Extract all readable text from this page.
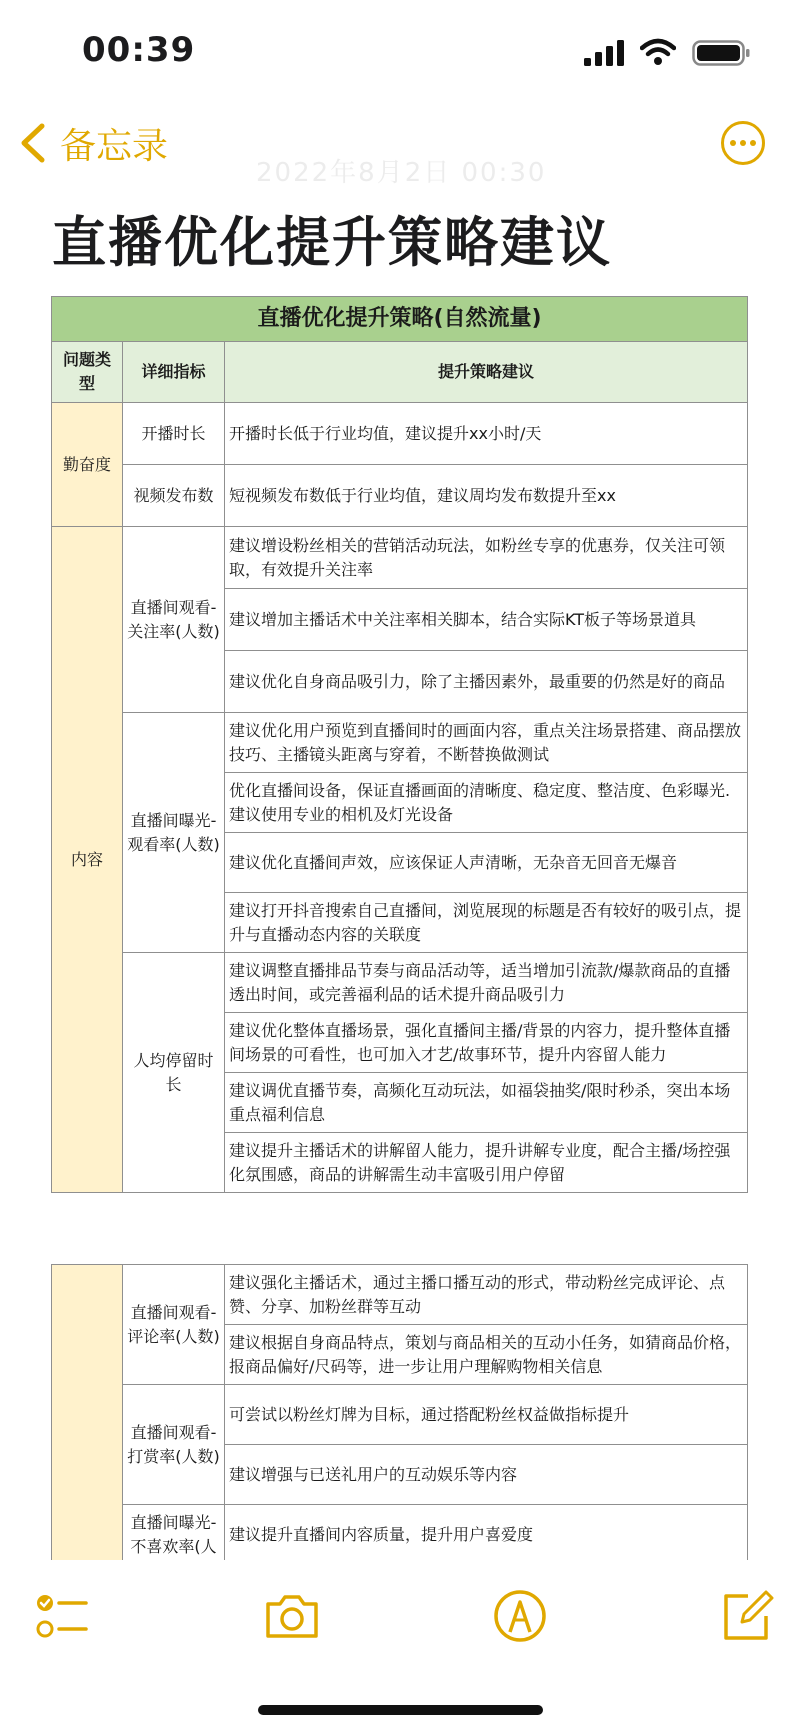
00:39
备忘录
2022年8月2日 00:30
直播优化提升策略建议
直播优化提升策略(自然流量)		
问题类型	详细指标	提升策略建议
勤奋度	开播时长	开播时长低于行业均值，建议提升xx小时/天
	视频发布数	短视频发布数低于行业均值，建议周均发布数提升至xx
内容	直播间观看-关注率(人数)	建议增设粉丝相关的营销活动玩法，如粉丝专享的优惠券，仅关注可领取，有效提升关注率
		建议增加主播话术中关注率相关脚本，结合实际KT板子等场景道具
		建议优化自身商品吸引力，除了主播因素外，最重要的仍然是好的商品
	直播间曝光-观看率(人数)	建议优化用户预览到直播间时的画面内容，重点关注场景搭建、商品摆放技巧、主播镜头距离与穿着，不断替换做测试
		优化直播间设备，保证直播画面的清晰度、稳定度、整洁度、色彩曝光.建议使用专业的相机及灯光设备
		建议优化直播间声效，应该保证人声清晰，无杂音无回音无爆音
		建议打开抖音搜索自己直播间，浏览展现的标题是否有较好的吸引点，提升与直播动态内容的关联度
	人均停留时长	建议调整直播排品节奏与商品活动等，适当增加引流款/爆款商品的直播透出时间，或完善福利品的话术提升商品吸引力
		建议优化整体直播场景，强化直播间主播/背景的内容力，提升整体直播间场景的可看性，也可加入才艺/故事环节，提升内容留人能力
		建议调优直播节奏，高频化互动玩法，如福袋抽奖/限时秒杀，突出本场重点福利信息
		建议提升主播话术的讲解留人能力，提升讲解专业度，配合主播/场控强化氛围感，商品的讲解需生动丰富吸引用户停留
	直播间观看-评论率(人数)	建议强化主播话术，通过主播口播互动的形式，带动粉丝完成评论、点赞、分享、加粉丝群等互动
		建议根据自身商品特点，策划与商品相关的互动小任务，如猜商品价格，报商品偏好/尺码等，进一步让用户理解购物相关信息
	直播间观看-打赏率(人数)	可尝试以粉丝灯牌为目标，通过搭配粉丝权益做指标提升
		建议增强与已送礼用户的互动娱乐等内容
	直播间曝光-不喜欢率(人	建议提升直播间内容质量，提升用户喜爱度
